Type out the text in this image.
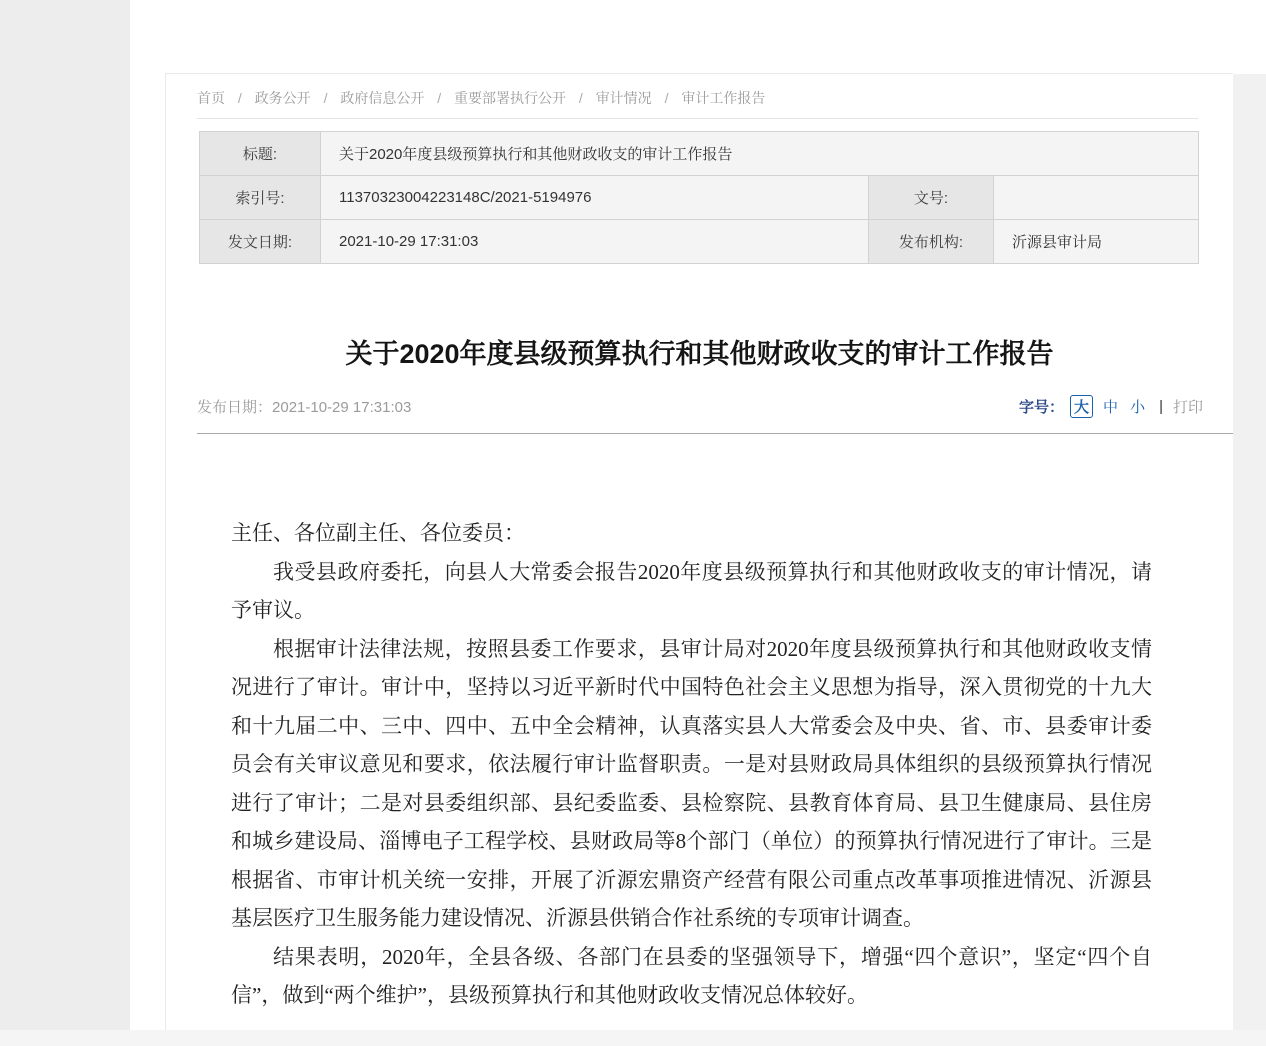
首页 / 政务公开 / 政府信息公开 / 重要部署执行公开 / 审计情况 / 审计工作报告
标题:	关于2020年度县级预算执行和其他财政收支的审计工作报告		
索引号:	11370323004223148C/2021-5194976	文号:	
发文日期:	2021-10-29 17:31:03	发布机构:	沂源县审计局
关于2020年度县级预算执行和其他财政收支的审计工作报告
发布日期：2021-10-29 17:31:03	字号： 大 中 小 | 打印

主任、各位副主任、各位委员：

我受县政府委托，向县人大常委会报告2020年度县级预算执行和其他财政收支的审计情况，请予审议。

根据审计法律法规，按照县委工作要求，县审计局对2020年度县级预算执行和其他财政收支情况进行了审计。审计中，坚持以习近平新时代中国特色社会主义思想为指导，深入贯彻党的十九大和十九届二中、三中、四中、五中全会精神，认真落实县人大常委会及中央、省、市、县委审计委员会有关审议意见和要求，依法履行审计监督职责。一是对县财政局具体组织的县级预算执行情况进行了审计；二是对县委组织部、县纪委监委、县检察院、县教育体育局、县卫生健康局、县住房和城乡建设局、淄博电子工程学校、县财政局等8个部门（单位）的预算执行情况进行了审计。三是根据省、市审计机关统一安排，开展了沂源宏鼎资产经营有限公司重点改革事项推进情况、沂源县基层医疗卫生服务能力建设情况、沂源县供销合作社系统的专项审计调查。

结果表明，2020年，全县各级、各部门在县委的坚强领导下，增强“四个意识”，坚定“四个自信”，做到“两个维护”，县级预算执行和其他财政收支情况总体较好。
